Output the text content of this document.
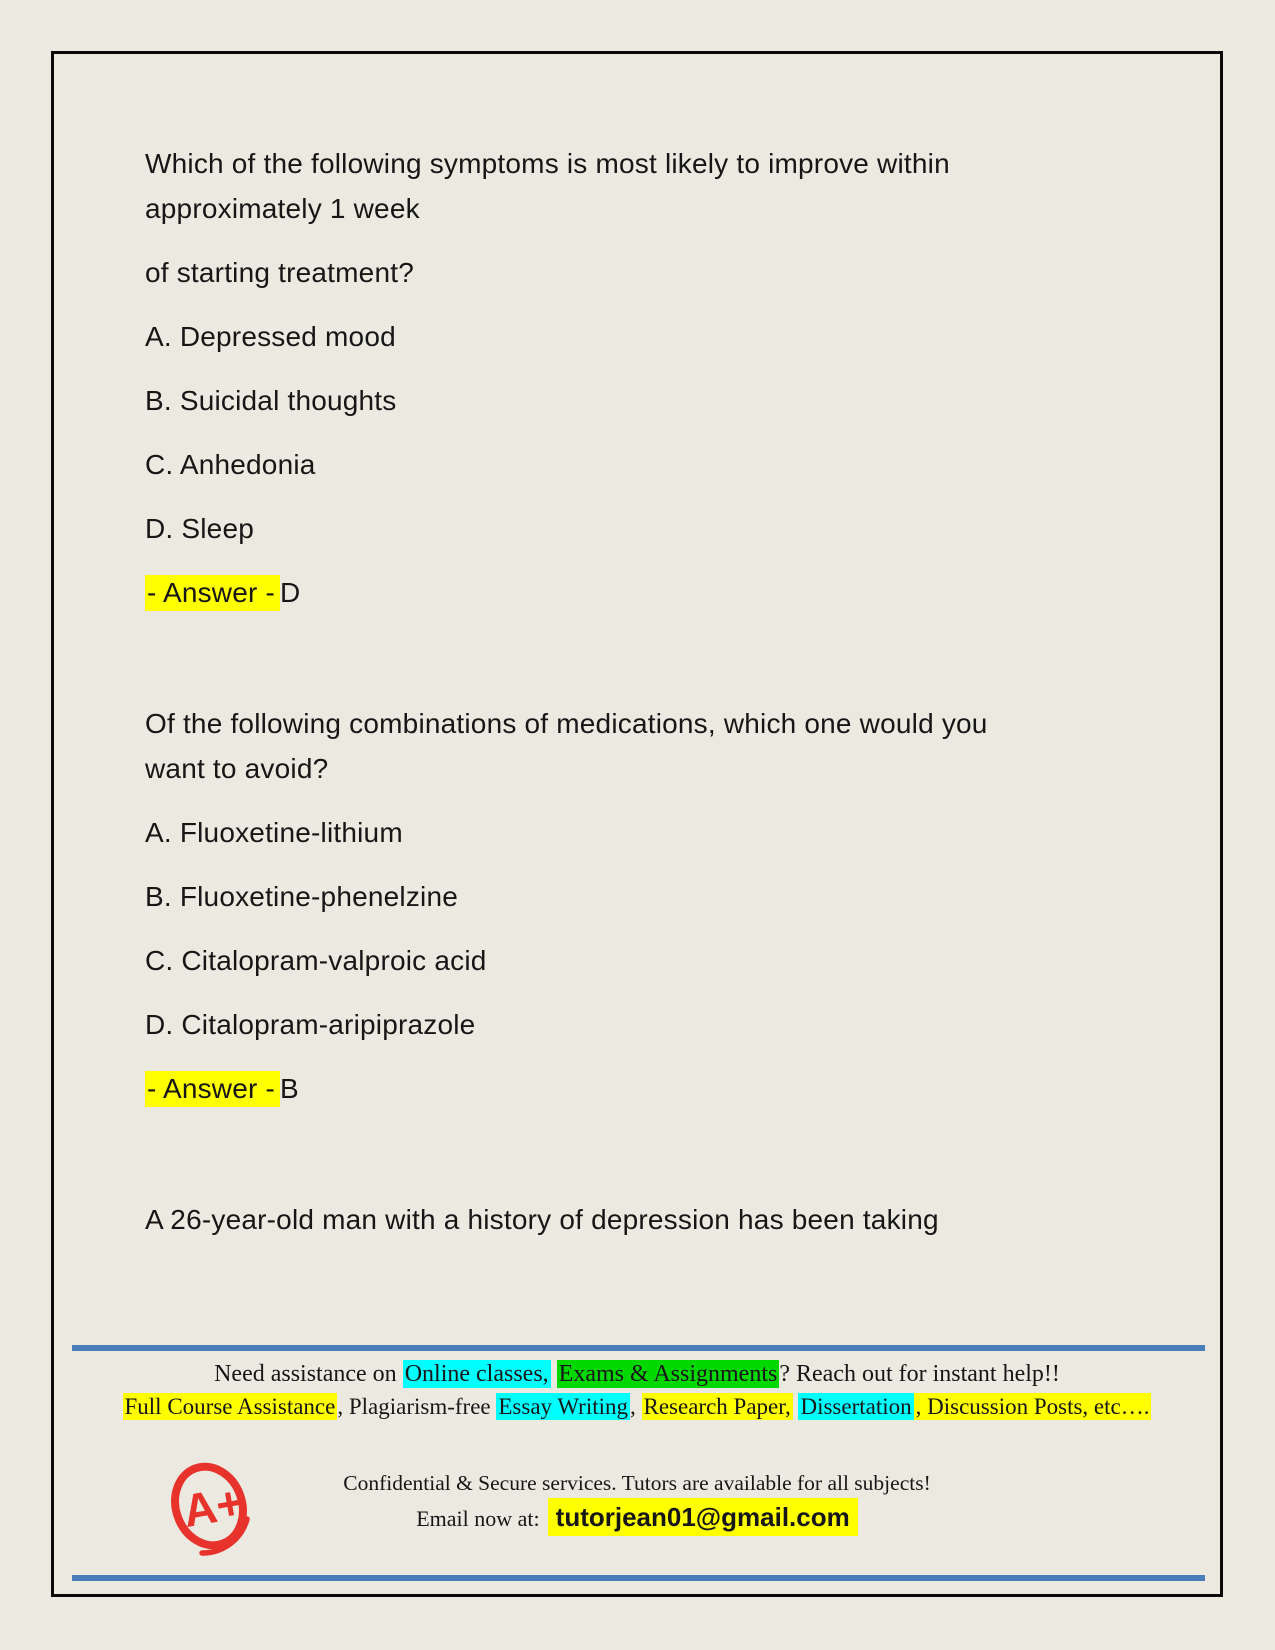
Which of the following symptoms is most likely to improve within
approximately 1 week
of starting treatment?
A. Depressed mood
B. Suicidal thoughts
C. Anhedonia
D. Sleep
- Answer - D
Of the following combinations of medications, which one would you
want to avoid?
A. Fluoxetine-lithium
B. Fluoxetine-phenelzine
C. Citalopram-valproic acid
D. Citalopram-aripiprazole
- Answer - B
A 26-year-old man with a history of depression has been taking
Need assistance on Online classes, Exams & Assignments? Reach out for instant help!!
Full Course Assistance, Plagiarism-free Essay Writing, Research Paper, Dissertation , Discussion Posts, etc….
A+	Confidential & Secure services. Tutors are available for all subjects!
Email now at: tutorjean01@gmail.com
